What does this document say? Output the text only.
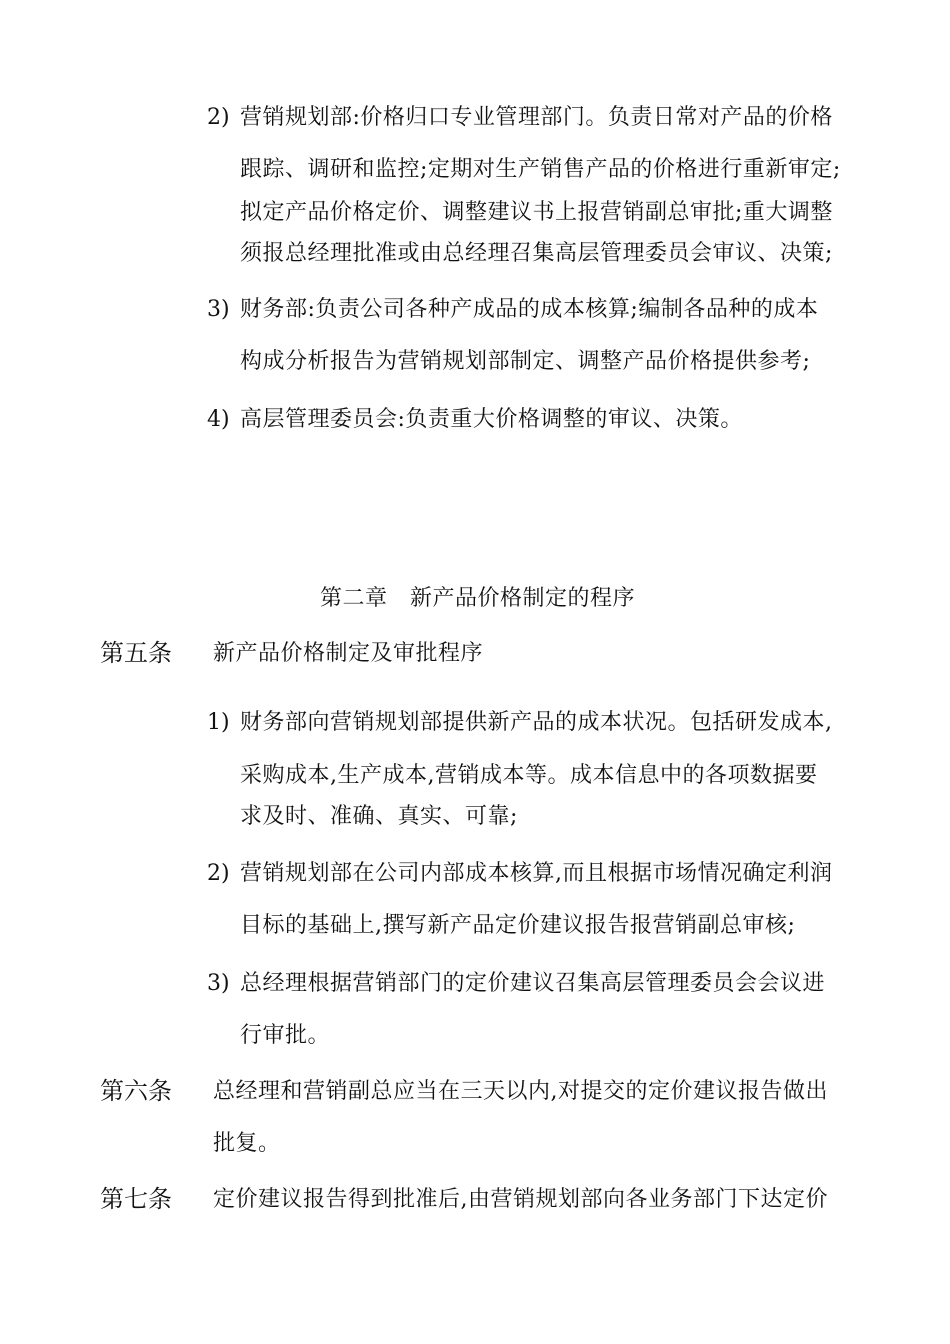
2) 营销规划部:价格归口专业管理部门。负责日常对产品的价格
跟踪、调研和监控;定期对生产销售产品的价格进行重新审定;
拟定产品价格定价、调整建议书上报营销副总审批;重大调整
须报总经理批准或由总经理召集高层管理委员会审议、决策;
3) 财务部:负责公司各种产成品的成本核算;编制各品种的成本
构成分析报告为营销规划部制定、调整产品价格提供参考;
4) 高层管理委员会:负责重大价格调整的审议、决策。
第二章　新产品价格制定的程序
第五条 新产品价格制定及审批程序
1) 财务部向营销规划部提供新产品的成本状况。包括研发成本,
采购成本,生产成本,营销成本等。成本信息中的各项数据要
求及时、准确、真实、可靠;
2) 营销规划部在公司内部成本核算,而且根据市场情况确定利润
目标的基础上,撰写新产品定价建议报告报营销副总审核;
3) 总经理根据营销部门的定价建议召集高层管理委员会会议进
行审批。
第六条 总经理和营销副总应当在三天以内,对提交的定价建议报告做出
批复。
第七条 定价建议报告得到批准后,由营销规划部向各业务部门下达定价
